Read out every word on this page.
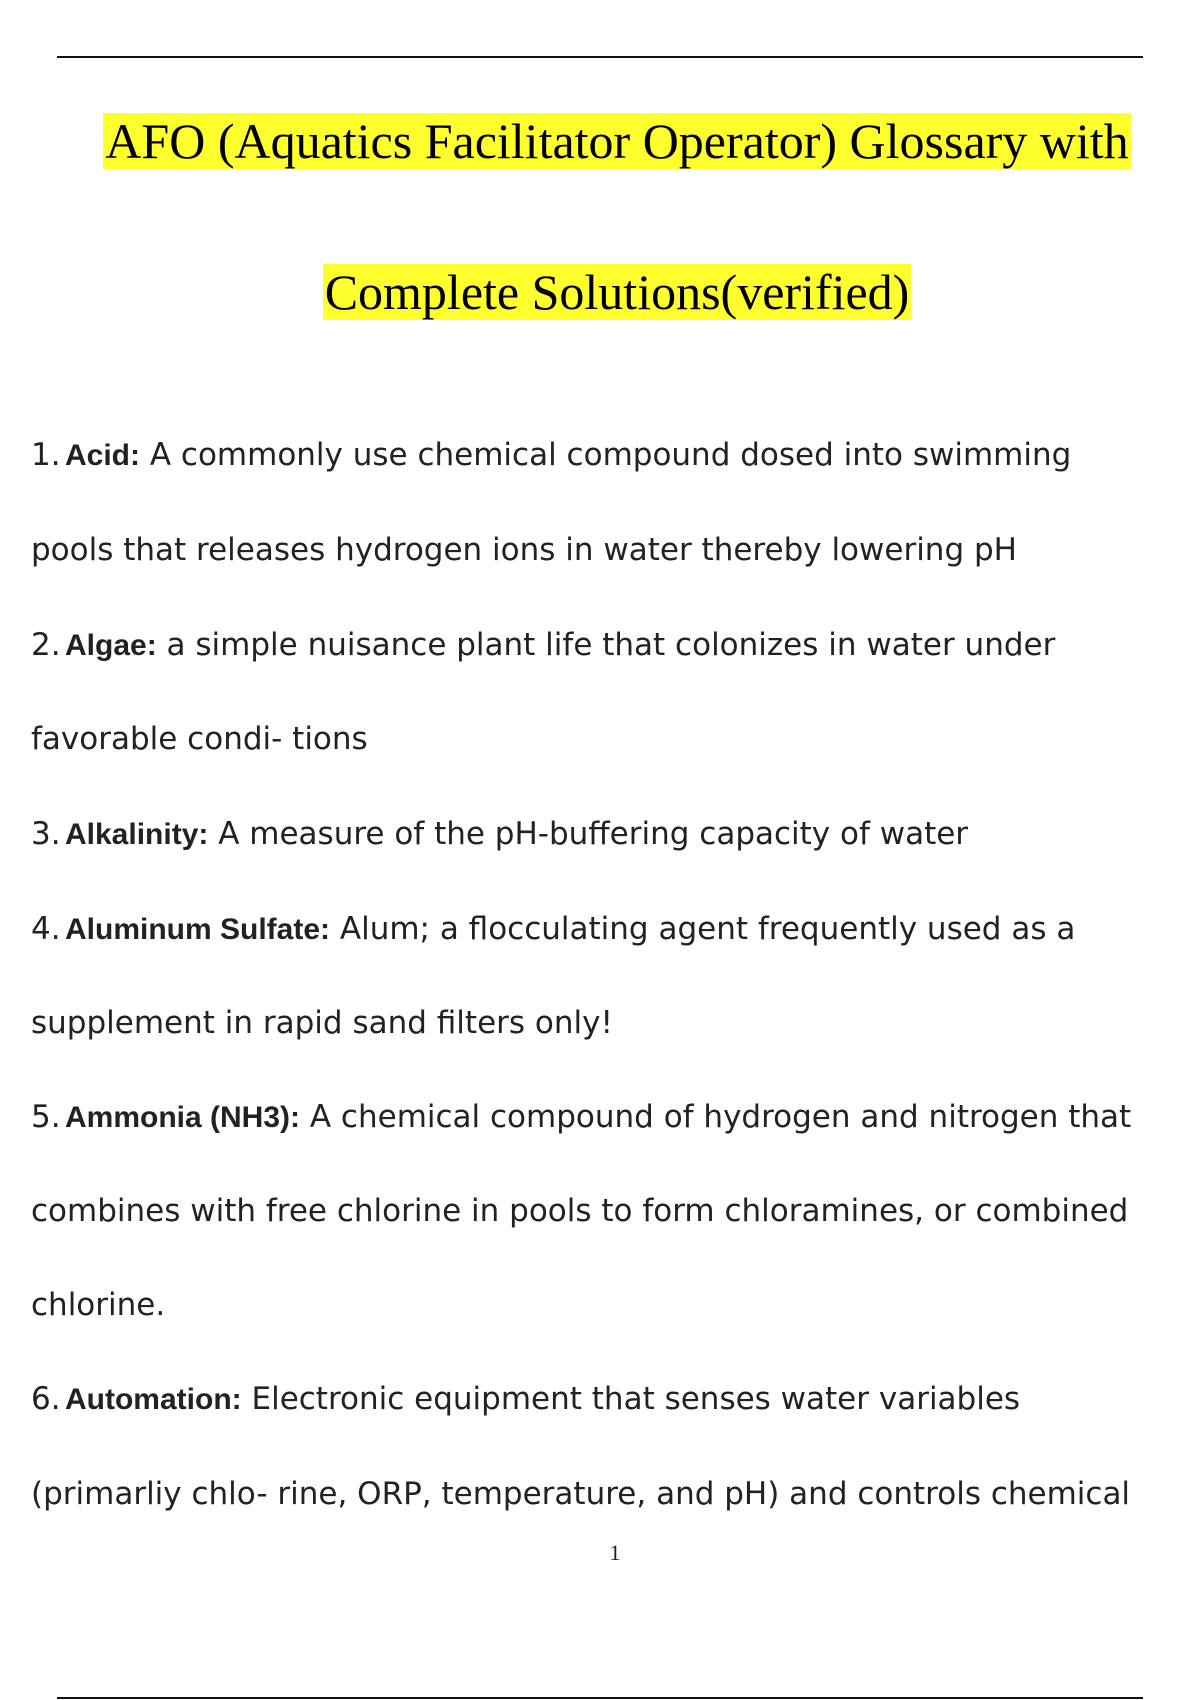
AFO (Aquatics Facilitator Operator) Glossary with
Complete Solutions(verified)
1. Acid: A commonly use chemical compound dosed into swimming
pools that releases hydrogen ions in water thereby lowering pH
2. Algae: a simple nuisance plant life that colonizes in water under
favorable condi- tions
3. Alkalinity: A measure of the pH-buffering capacity of water
4. Aluminum Sulfate: Alum; a flocculating agent frequently used as a
supplement in rapid sand filters only!
5. Ammonia (NH3): A chemical compound of hydrogen and nitrogen that
combines with free chlorine in pools to form chloramines, or combined
chlorine.
6. Automation: Electronic equipment that senses water variables
(primarliy chlo- rine, ORP, temperature, and pH) and controls chemical
1
